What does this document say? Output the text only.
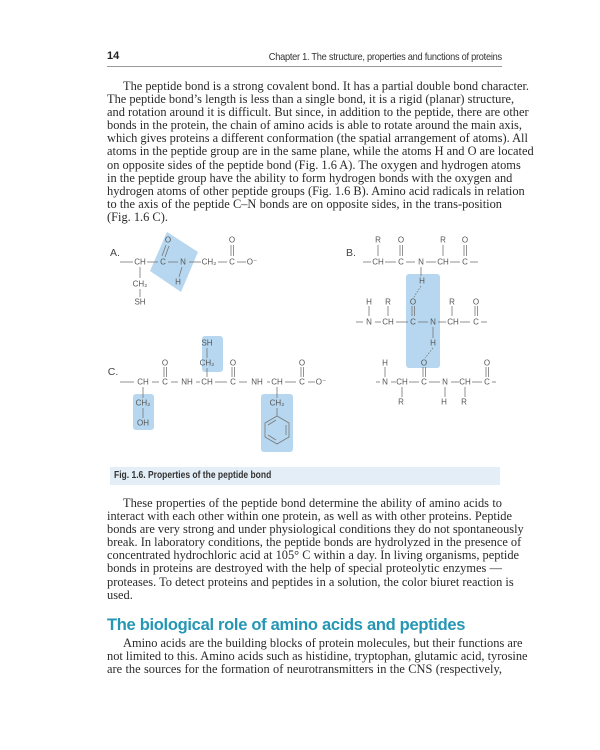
14	Chapter 1. The structure, properties and functions of proteins
The peptide bond is a strong covalent bond. It has a partial double bond character.
The peptide bond’s length is less than a single bond, it is a rigid (planar) structure,
and rotation around it is difficult. But since, in addition to the peptide, there are other
bonds in the protein, the chain of amino acids is able to rotate around the main axis,
which gives proteins a different conformation (the spatial arrangement of atoms). All
atoms in the peptide group are in the same plane, while the atoms H and O are located
on opposite sides of the peptide bond (Fig. 1.6 A). The oxygen and hydrogen atoms
in the peptide group have the ability to form hydrogen bonds with the oxygen and
hydrogen atoms of other peptide groups (Fig. 1.6 B). Amino acid radicals in relation
to the axis of the peptide C–N bonds are on opposite sides, in the trans-position
(Fig. 1.6 C).
A.
O	O
CH C N CH₂ C O⁻
H
CH₂
SH
B.
R O	R O
CH C N CH C
H
H R O	R O
N CH C N CH C
H
H	O	O
N CH C N CH C
R	H R
C.
O	O	O
CH C NH CH C NH CH C O⁻
SH
CH₂
CH₂
OH
CH₂
Fig. 1.6. Properties of the peptide bond
These properties of the peptide bond determine the ability of amino acids to
interact with each other within one protein, as well as with other proteins. Peptide
bonds are very strong and under physiological conditions they do not spontaneously
break. In laboratory conditions, the peptide bonds are hydrolyzed in the presence of
concentrated hydrochloric acid at 105° C within a day. In living organisms, peptide
bonds in proteins are destroyed with the help of special proteolytic enzymes —
proteases. To detect proteins and peptides in a solution, the color biuret reaction is
used.
The biological role of amino acids and peptides
Amino acids are the building blocks of protein molecules, but their functions are
not limited to this. Amino acids such as histidine, tryptophan, glutamic acid, tyrosine
are the sources for the formation of neurotransmitters in the CNS (respectively,
